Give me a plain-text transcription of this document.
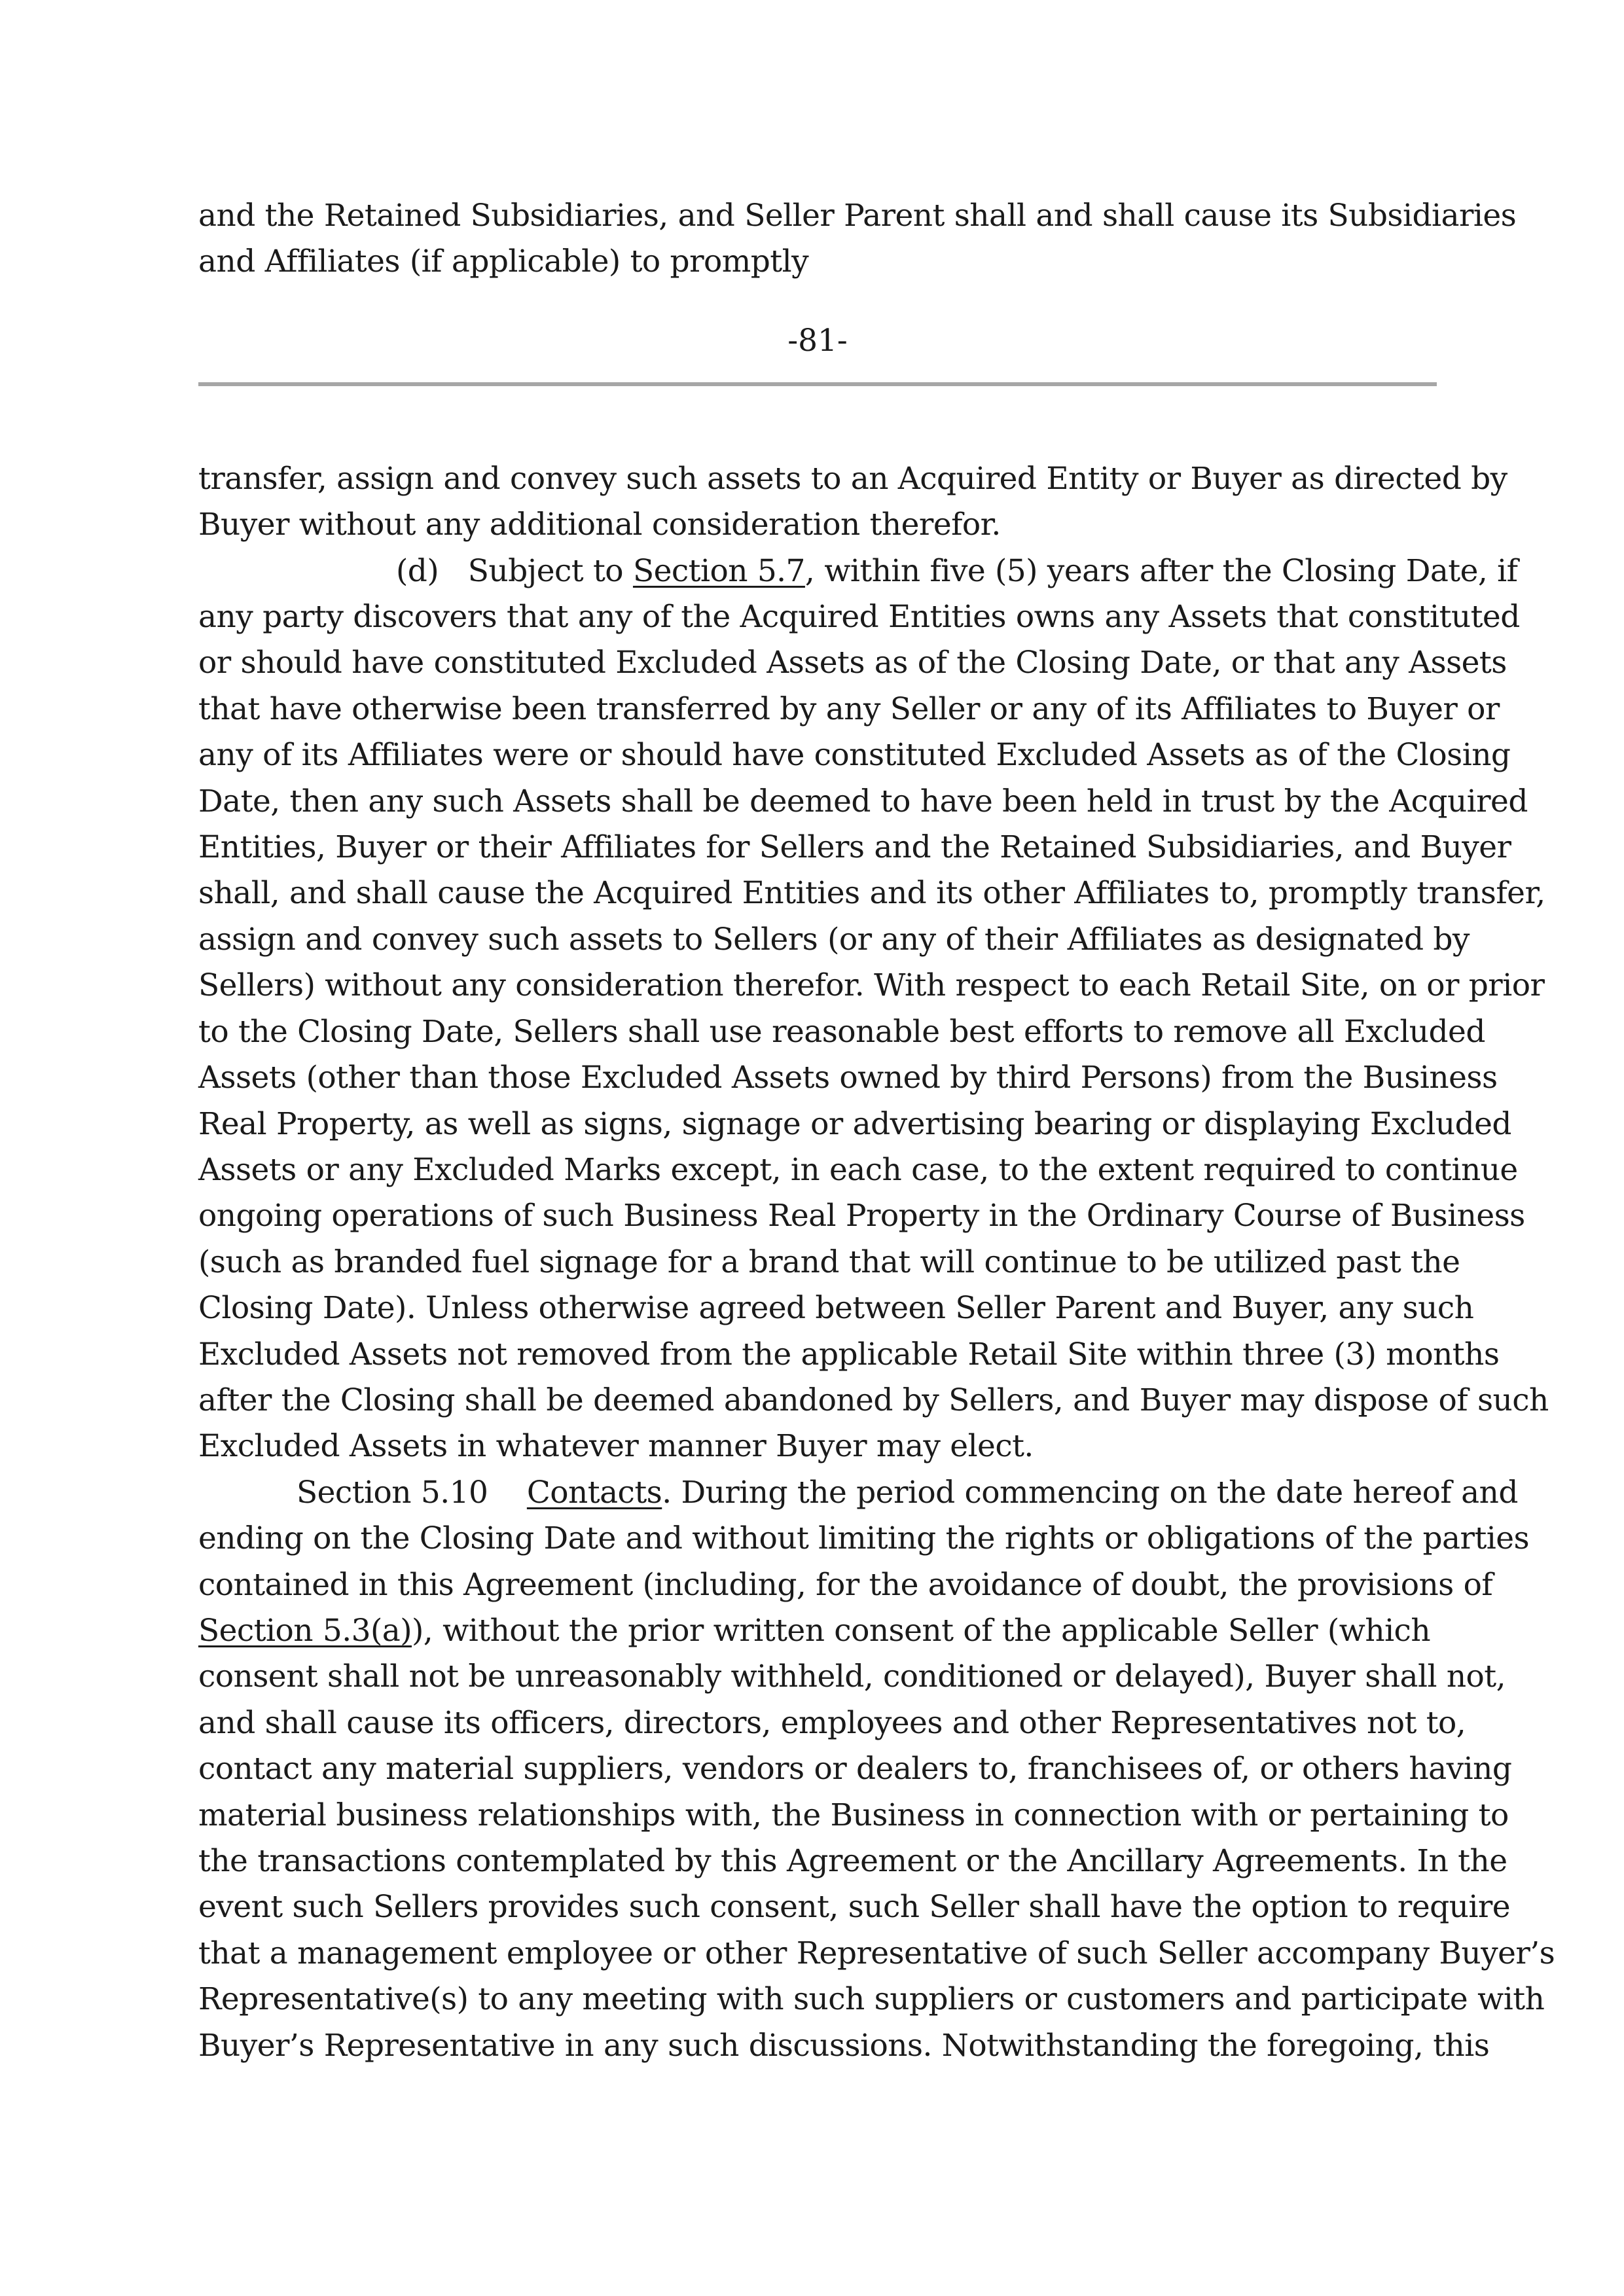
and the Retained Subsidiaries, and Seller Parent shall and shall cause its Subsidiaries
and Affiliates (if applicable) to promptly
-81-
transfer, assign and convey such assets to an Acquired Entity or Buyer as directed by
Buyer without any additional consideration therefor.
(d) Subject to Section 5.7, within five (5) years after the Closing Date, if
any party discovers that any of the Acquired Entities owns any Assets that constituted
or should have constituted Excluded Assets as of the Closing Date, or that any Assets
that have otherwise been transferred by any Seller or any of its Affiliates to Buyer or
any of its Affiliates were or should have constituted Excluded Assets as of the Closing
Date, then any such Assets shall be deemed to have been held in trust by the Acquired
Entities, Buyer or their Affiliates for Sellers and the Retained Subsidiaries, and Buyer
shall, and shall cause the Acquired Entities and its other Affiliates to, promptly transfer,
assign and convey such assets to Sellers (or any of their Affiliates as designated by
Sellers) without any consideration therefor. With respect to each Retail Site, on or prior
to the Closing Date, Sellers shall use reasonable best efforts to remove all Excluded
Assets (other than those Excluded Assets owned by third Persons) from the Business
Real Property, as well as signs, signage or advertising bearing or displaying Excluded
Assets or any Excluded Marks except, in each case, to the extent required to continue
ongoing operations of such Business Real Property in the Ordinary Course of Business
(such as branded fuel signage for a brand that will continue to be utilized past the
Closing Date). Unless otherwise agreed between Seller Parent and Buyer, any such
Excluded Assets not removed from the applicable Retail Site within three (3) months
after the Closing shall be deemed abandoned by Sellers, and Buyer may dispose of such
Excluded Assets in whatever manner Buyer may elect.
Section 5.10 Contacts. During the period commencing on the date hereof and
ending on the Closing Date and without limiting the rights or obligations of the parties
contained in this Agreement (including, for the avoidance of doubt, the provisions of
Section 5.3(a)), without the prior written consent of the applicable Seller (which
consent shall not be unreasonably withheld, conditioned or delayed), Buyer shall not,
and shall cause its officers, directors, employees and other Representatives not to,
contact any material suppliers, vendors or dealers to, franchisees of, or others having
material business relationships with, the Business in connection with or pertaining to
the transactions contemplated by this Agreement or the Ancillary Agreements. In the
event such Sellers provides such consent, such Seller shall have the option to require
that a management employee or other Representative of such Seller accompany Buyer’s
Representative(s) to any meeting with such suppliers or customers and participate with
Buyer’s Representative in any such discussions. Notwithstanding the foregoing, this
